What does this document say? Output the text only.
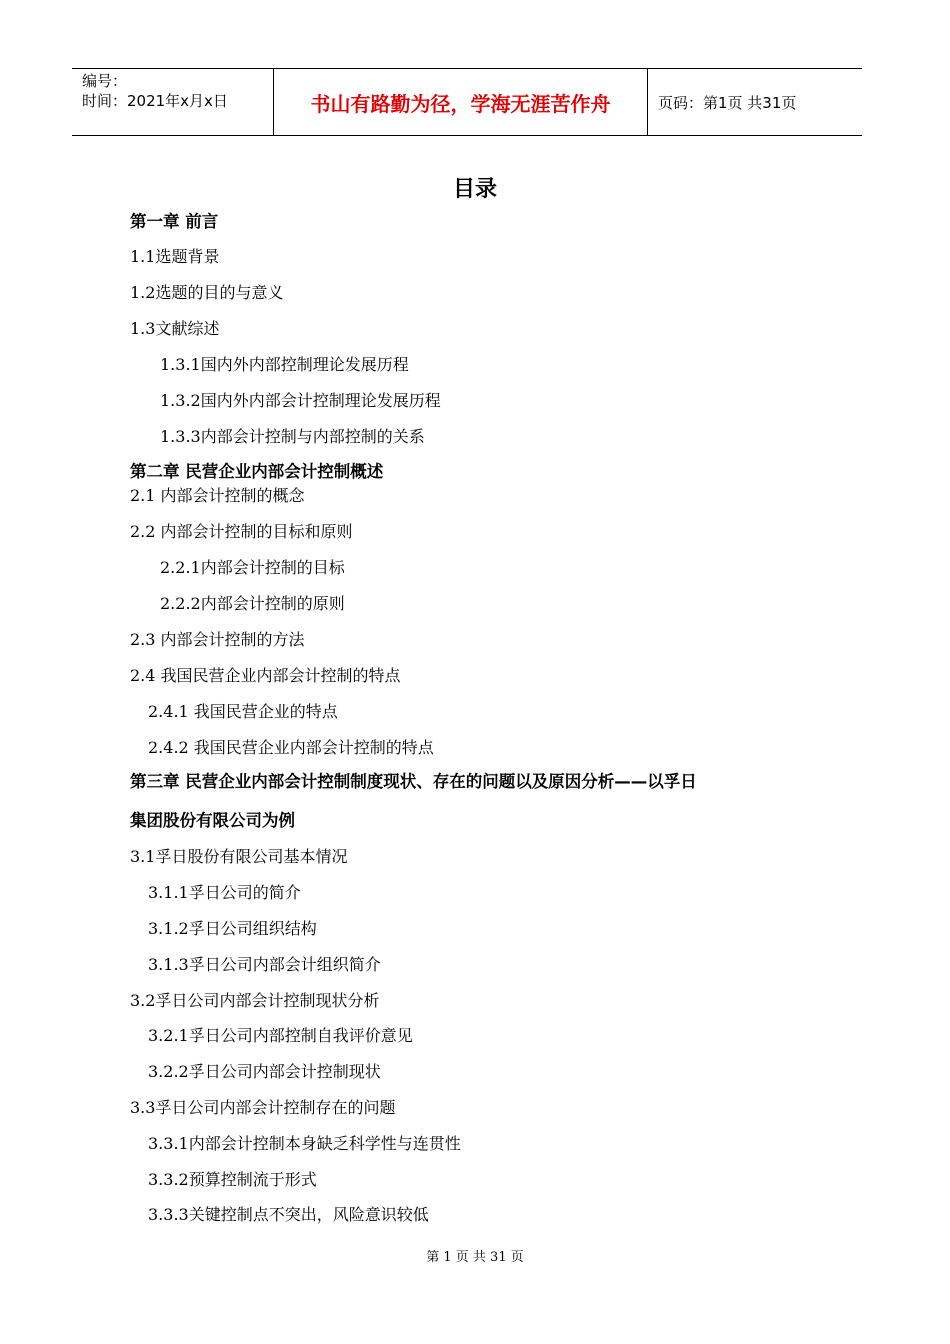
编号：
时间：2021年x月x日	书山有路勤为径，学海无涯苦作舟	页码：第1页 共31页
目录
第一章 前言
1.1选题背景
1.2选题的目的与意义
1.3文献综述
1.3.1国内外内部控制理论发展历程
1.3.2国内外内部会计控制理论发展历程
1.3.3内部会计控制与内部控制的关系
第二章 民营企业内部会计控制概述
2.1 内部会计控制的概念
2.2 内部会计控制的目标和原则
2.2.1内部会计控制的目标
2.2.2内部会计控制的原则
2.3 内部会计控制的方法
2.4 我国民营企业内部会计控制的特点
2.4.1 我国民营企业的特点
2.4.2 我国民营企业内部会计控制的特点
第三章 民营企业内部会计控制制度现状、存在的问题以及原因分析——以孚日
集团股份有限公司为例
3.1孚日股份有限公司基本情况
3.1.1孚日公司的简介
3.1.2孚日公司组织结构
3.1.3孚日公司内部会计组织简介
3.2孚日公司内部会计控制现状分析
3.2.1孚日公司内部控制自我评价意见
3.2.2孚日公司内部会计控制现状
3.3孚日公司内部会计控制存在的问题
3.3.1内部会计控制本身缺乏科学性与连贯性
3.3.2预算控制流于形式
3.3.3关键控制点不突出，风险意识较低
第 1 页 共 31 页
